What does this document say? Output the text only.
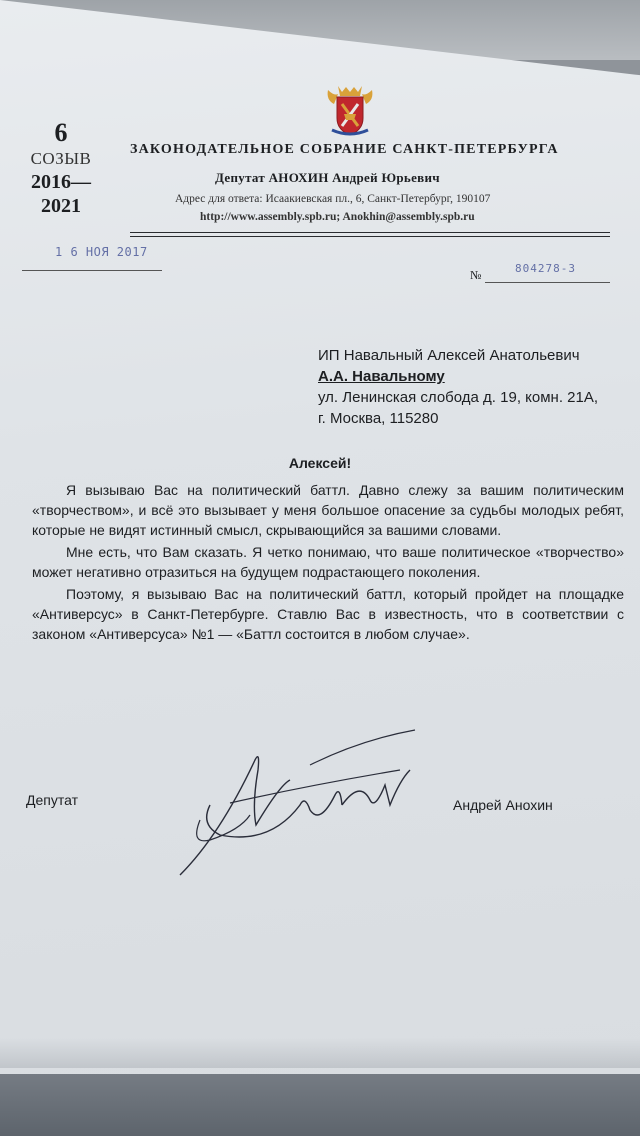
6
СОЗЫВ
2016—
2021
ЗАКОНОДАТЕЛЬНОЕ СОБРАНИЕ САНКТ-ПЕТЕРБУРГА
Депутат АНОХИН Андрей Юрьевич
Адрес для ответа: Исаакиевская пл., 6, Санкт-Петербург, 190107
http://www.assembly.spb.ru; Anokhin@assembly.spb.ru
1 6 НОЯ 2017
№	804278-3
ИП Навальный Алексей Анатольевич
А.А. Навальному
ул. Ленинская слобода д. 19, комн. 21А,
г. Москва, 115280
Алексей!

Я вызываю Вас на политический баттл. Давно слежу за вашим политическим «творчеством», и всё это вызывает у меня большое опасение за судьбы молодых ребят, которые не видят истинный смысл, скрывающийся за вашими словами.

Мне есть, что Вам сказать. Я четко понимаю, что ваше политическое «творчество» может негативно отразиться на будущем подрастающего поколения.

Поэтому, я вызываю Вас на политический баттл, который пройдет на площадке «Антиверсус» в Санкт-Петербурге. Ставлю Вас в известность, что в соответствии с законом «Антиверсуса» №1 — «Баттл состоится в любом случае».

Депутат	Андрей Анохин
